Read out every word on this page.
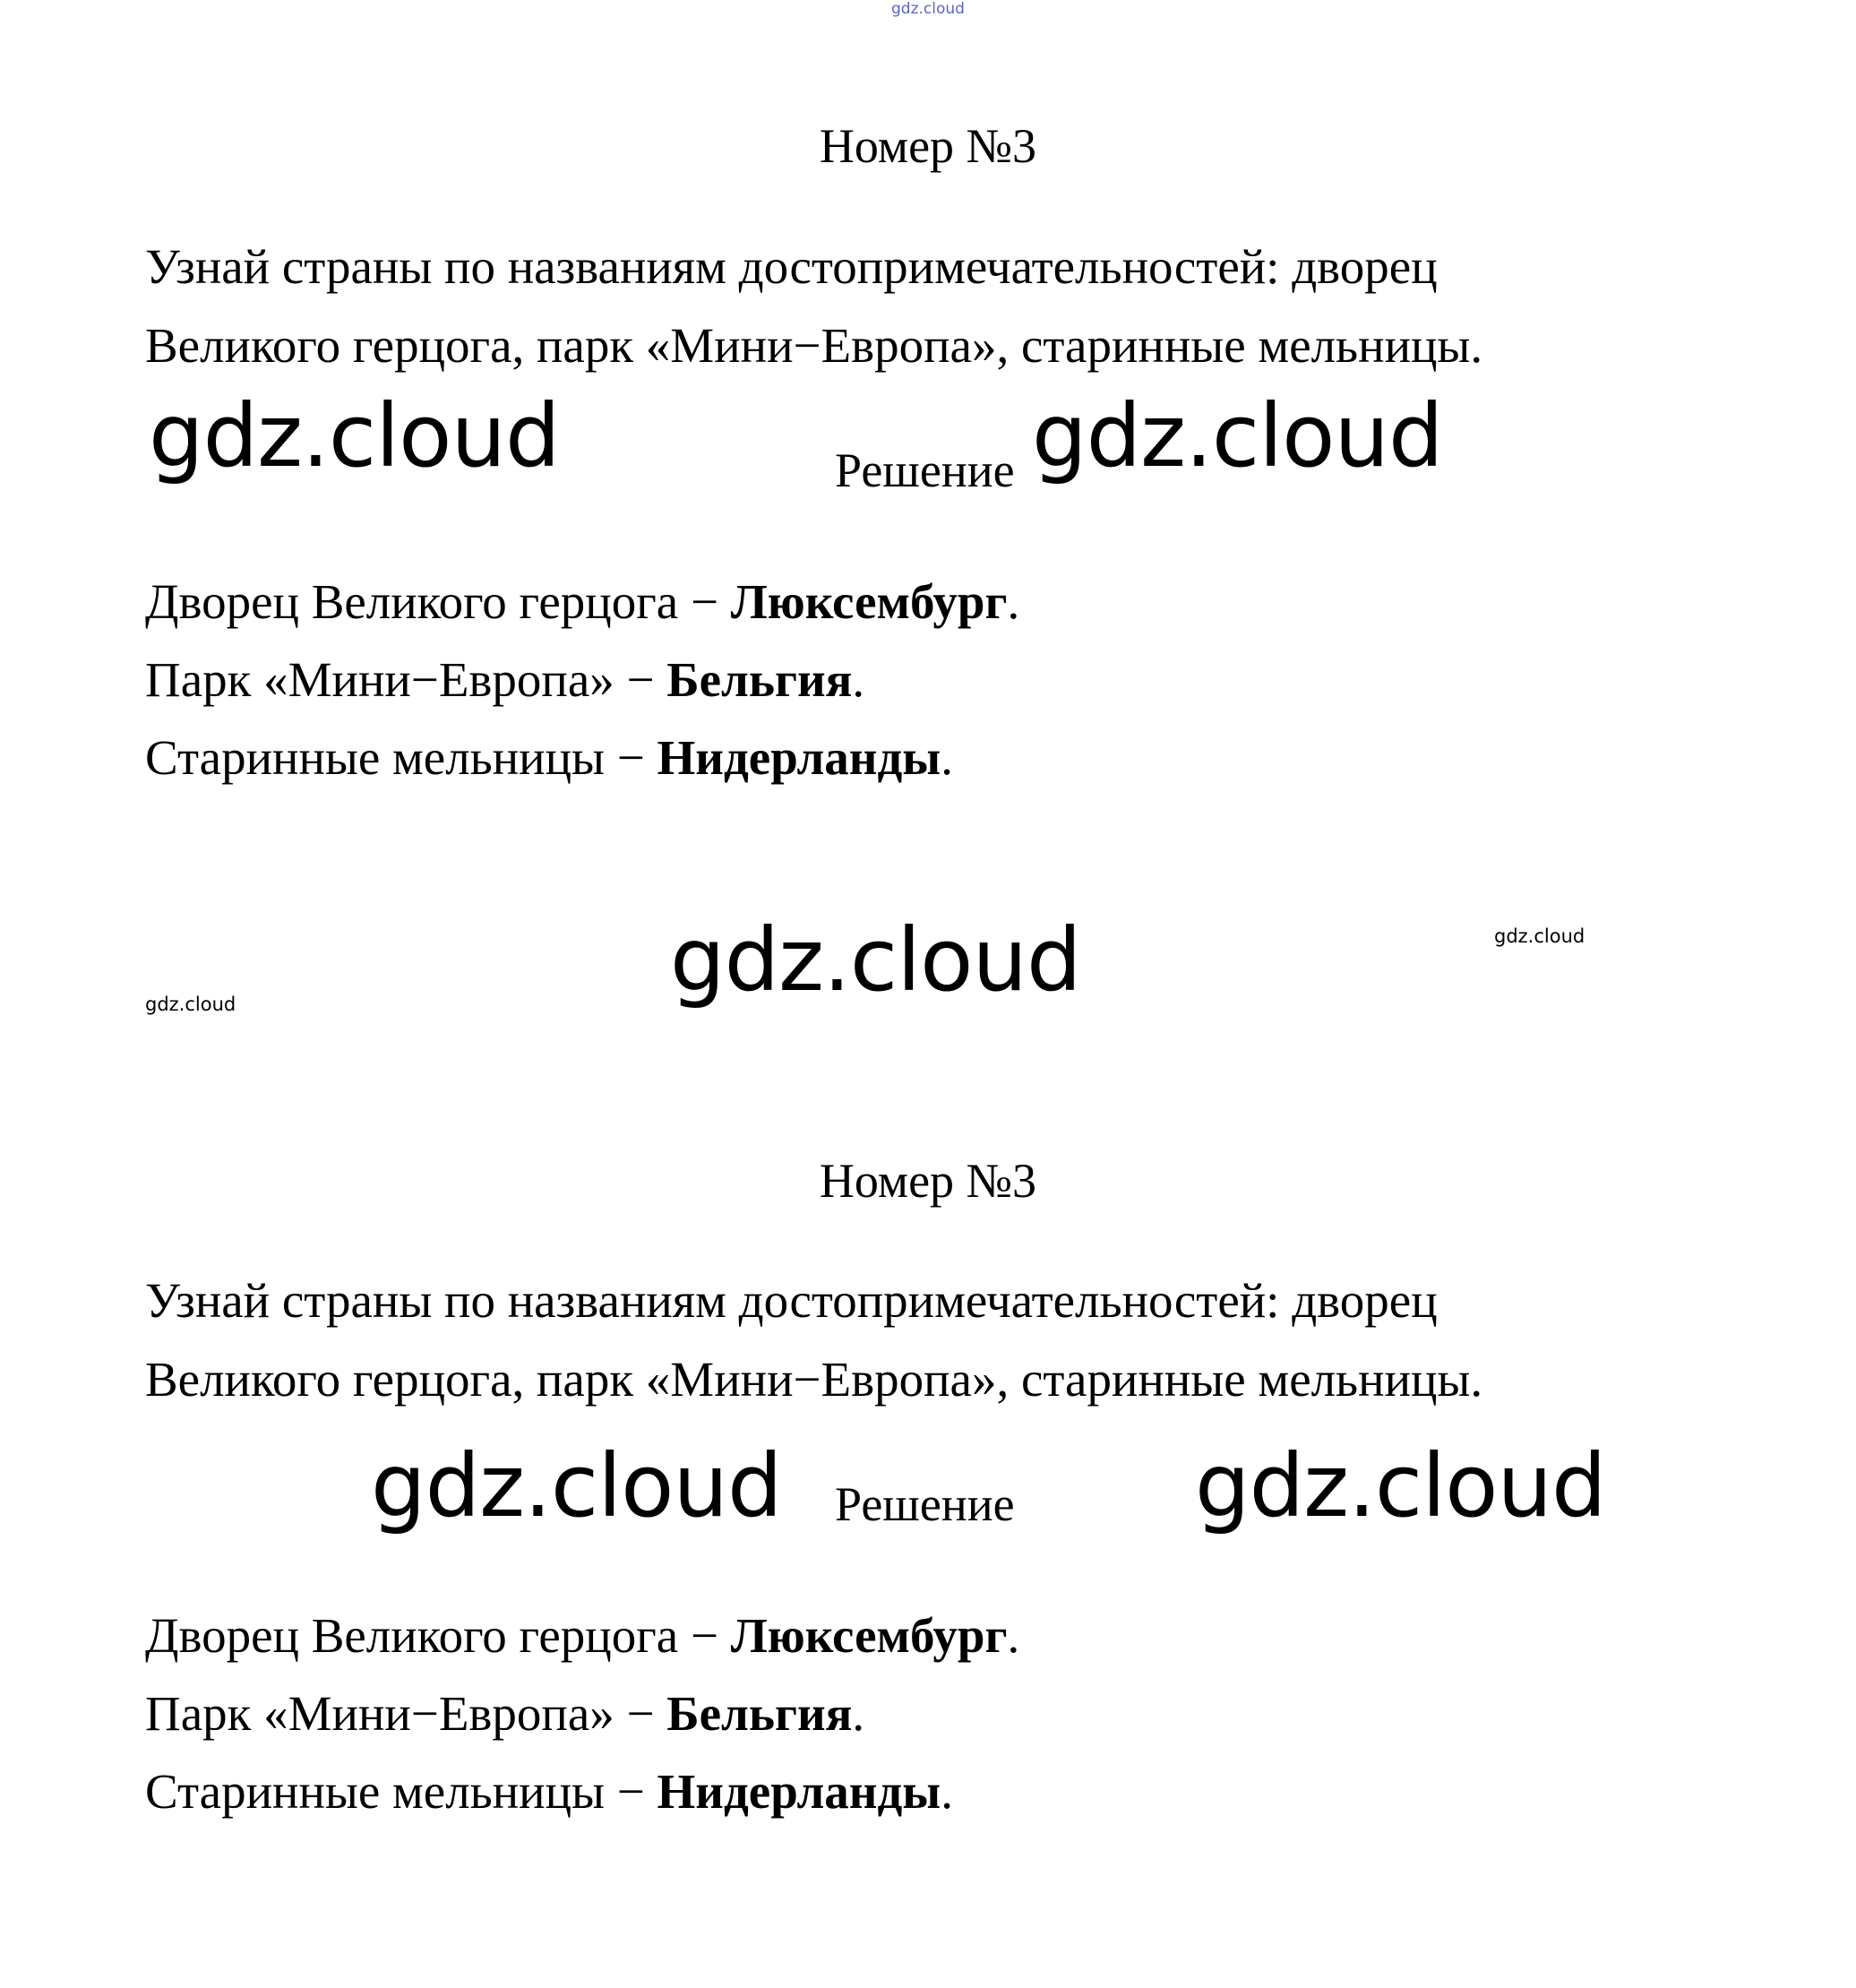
gdz.cloud
Номер №3
Узнай страны по названиям достопримечательностей: дворец
Великого герцога, парк «Мини−Европа», старинные мельницы.
gdz.cloud	Решение gdz.cloud
Дворец Великого герцога − Люксембург.
Парк «Мини−Европа» − Бельгия.
Старинные мельницы − Нидерланды.
gdz.cloud
gdz.cloud
gdz.cloud
Номер №3
Узнай страны по названиям достопримечательностей: дворец
Великого герцога, парк «Мини−Европа», старинные мельницы.
gdz.cloud Решение gdz.cloud
Дворец Великого герцога − Люксембург.
Парк «Мини−Европа» − Бельгия.
Старинные мельницы − Нидерланды.
